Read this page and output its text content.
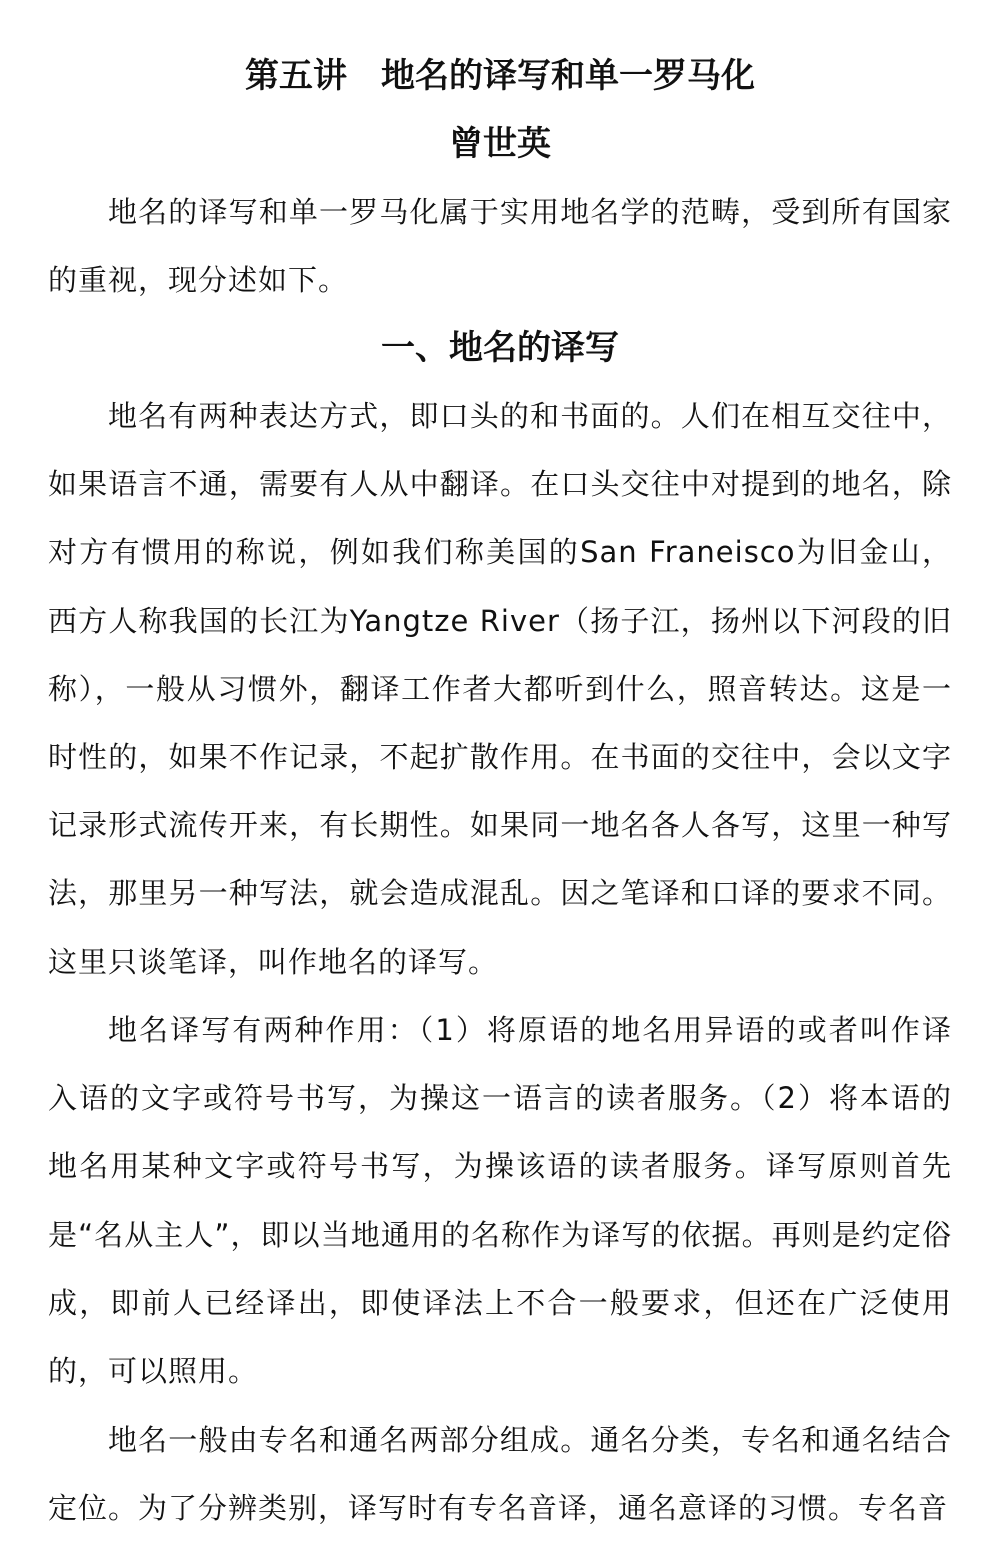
第五讲　地名的译写和单一罗马化
曾世英

地名的译写和单一罗马化属于实用地名学的范畴，受到所有国家的重视，现分述如下。

一、地名的译写

地名有两种表达方式，即口头的和书面的。人们在相互交往中，如果语言不通，需要有人从中翻译。在口头交往中对提到的地名，除对方有惯用的称说，例如我们称美国的San Franeisco为旧金山，西方人称我国的长江为Yangtze River（扬子江，扬州以下河段的旧称），一般从习惯外，翻译工作者大都听到什么，照音转达。这是一时性的，如果不作记录，不起扩散作用。在书面的交往中，会以文字记录形式流传开来，有长期性。如果同一地名各人各写，这里一种写法，那里另一种写法，就会造成混乱。因之笔译和口译的要求不同。这里只谈笔译，叫作地名的译写。

地名译写有两种作用：（1）将原语的地名用异语的或者叫作译入语的文字或符号书写，为操这一语言的读者服务。（2）将本语的地名用某种文字或符号书写，为操该语的读者服务。译写原则首先是“名从主人”，即以当地通用的名称作为译写的依据。再则是约定俗成，即前人已经译出，即使译法上不合一般要求，但还在广泛使用的，可以照用。

地名一般由专名和通名两部分组成。通名分类，专名和通名结合定位。为了分辨类别，译写时有专名音译，通名意译的习惯。专名音
